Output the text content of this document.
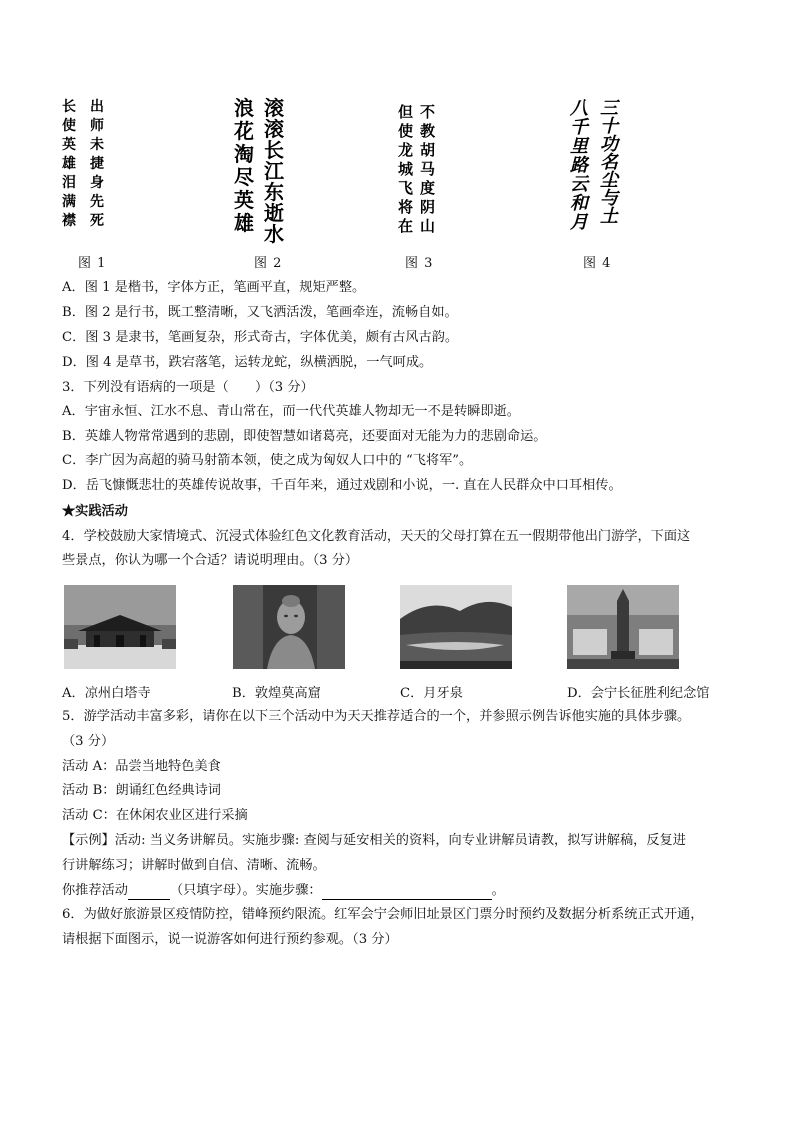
长
使
英
雄
泪
满
襟
出
师
未
捷
身
先
死
图 1
浪
花
淘
尽
英
雄
滚
滚
长
江
东
逝
水
图 2
但
使
龙
城
飞
将
在
不
教
胡
马
度
阴
山
图 3
八
千
里
路
云
和
月
三
十
功
名
尘
与
土
图 4
A．图 1 是楷书，字体方正，笔画平直，规矩严整。
B．图 2 是行书，既工整清晰，又飞洒活泼，笔画牵连，流畅自如。
C．图 3 是隶书，笔画复杂，形式奇古，字体优美，颇有古风古韵。
D．图 4 是草书，跌宕落笔，运转龙蛇，纵横洒脱，一气呵成。
3．下列没有语病的一项是（　　）（3 分）
A．宇宙永恒、江水不息、青山常在，而一代代英雄人物却无一不是转瞬即逝。
B．英雄人物常常遇到的悲剧，即使智慧如诸葛亮，还要面对无能为力的悲剧命运。
C．李广因为高超的骑马射箭本领，使之成为匈奴人口中的 “飞将军”。
D．岳飞慷慨悲壮的英雄传说故事，千百年来，通过戏剧和小说，一. 直在人民群众中口耳相传。
★实践活动
4．学校鼓励大家情境式、沉浸式体验红色文化教育活动，天天的父母打算在五一假期带他出门游学，下面这
些景点，你认为哪一个合适？请说明理由。（3 分）
A．凉州白塔寺	B．敦煌莫高窟	C．月牙泉	D．会宁长征胜利纪念馆
5．游学活动丰富多彩，请你在以下三个活动中为天天推荐适合的一个，并参照示例告诉他实施的具体步骤。
（3 分）
活动 A：品尝当地特色美食
活动 B：朗诵红色经典诗词
活动 C：在休闲农业区进行采摘
【示例】活动: 当义务讲解员。实施步骤: 查阅与延安相关的资料，向专业讲解员请教，拟写讲解稿，反复进
行讲解练习；讲解时做到自信、清晰、流畅。
你推荐活动	（只填字母）。实施步骤：	。
6．为做好旅游景区疫情防控，错峰预约限流。红军会宁会师旧址景区门票分时预约及数据分析系统正式开通，
请根据下面图示，说一说游客如何进行预约参观。（3 分）
